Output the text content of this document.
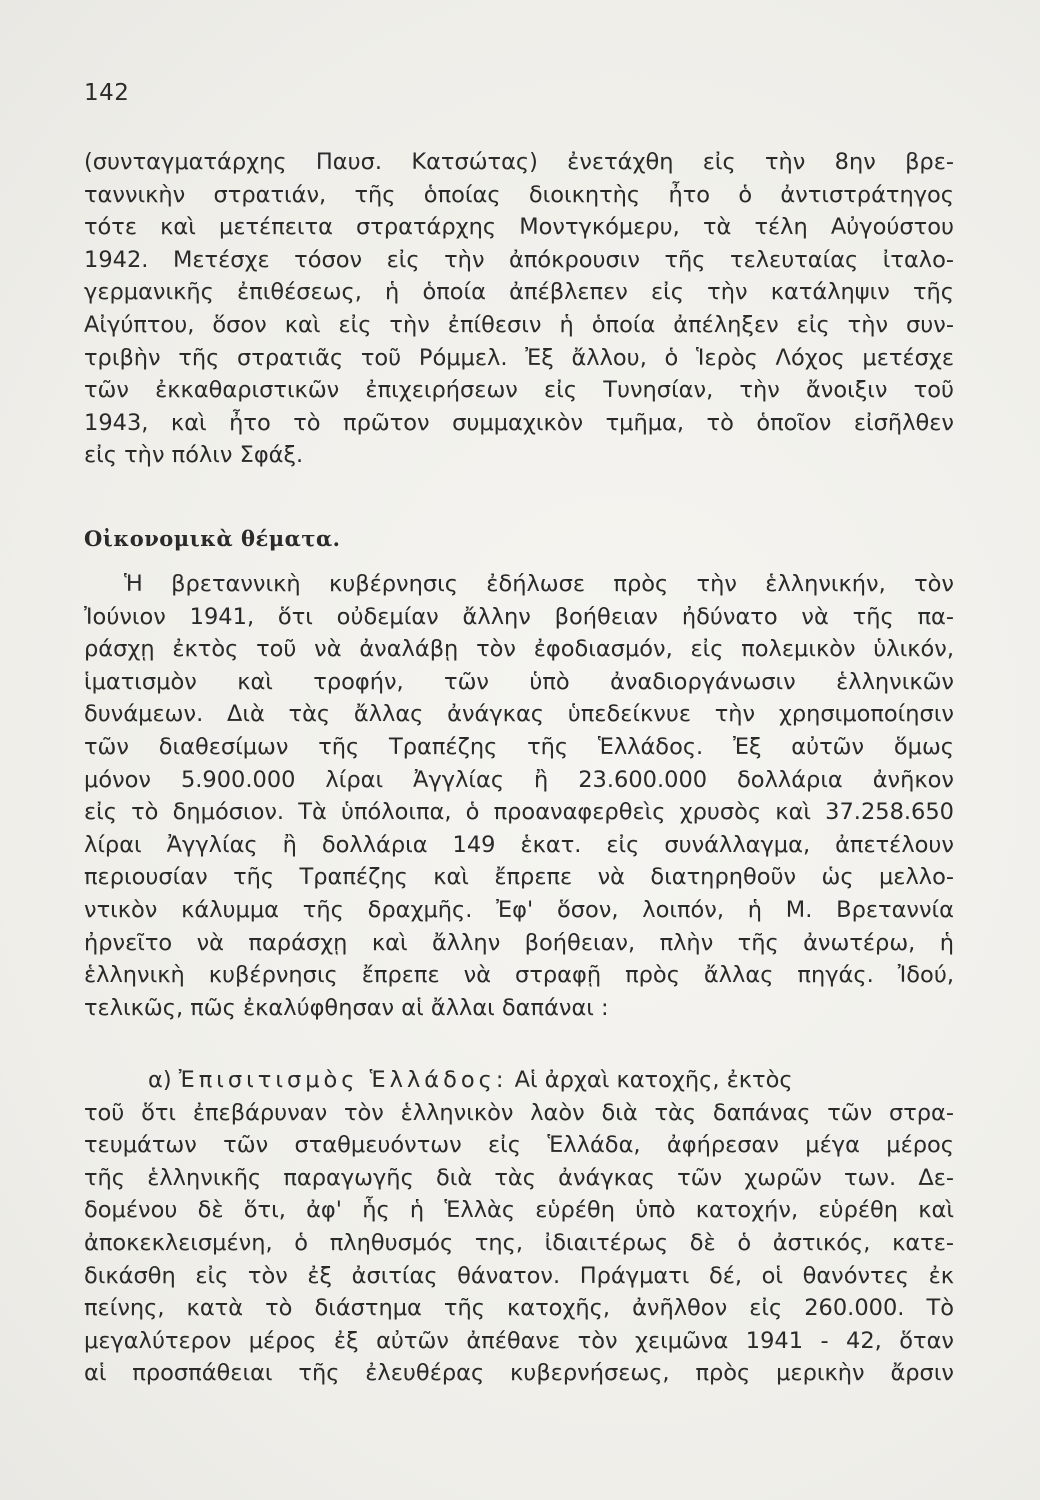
142
(συνταγματάρχης Παυσ. Κατσώτας) ἐνετάχθη εἰς τὴν 8ην βρε-
ταννικὴν στρατιάν, τῆς ὁποίας διοικητὴς ἦτο ὁ ἀντιστράτηγος
τότε καὶ μετέπειτα στρατάρχης Μοντγκόμερυ, τὰ τέλη Αὐγούστου
1942. Μετέσχε τόσον εἰς τὴν ἀπόκρουσιν τῆς τελευταίας ἰταλο-
γερμανικῆς ἐπιθέσεως, ἡ ὁποία ἀπέβλεπεν εἰς τὴν κατάληψιν τῆς
Αἰγύπτου, ὅσον καὶ εἰς τὴν ἐπίθεσιν ἡ ὁποία ἀπέληξεν εἰς τὴν συν-
τριβὴν τῆς στρατιᾶς τοῦ Ρόμμελ. Ἐξ ἄλλου, ὁ Ἱερὸς Λόχος μετέσχε
τῶν ἐκκαθαριστικῶν ἐπιχειρήσεων εἰς Τυνησίαν, τὴν ἄνοιξιν τοῦ
1943, καὶ ἦτο τὸ πρῶτον συμμαχικὸν τμῆμα, τὸ ὁποῖον εἰσῆλθεν
εἰς τὴν πόλιν Σφάξ.
Οἰκονομικὰ θέματα.
Ἡ βρεταννικὴ κυβέρνησις ἐδήλωσε πρὸς τὴν ἑλληνικήν, τὸν
Ἰούνιον 1941, ὅτι οὐδεμίαν ἄλλην βοήθειαν ἠδύνατο νὰ τῆς πα-
ράσχῃ ἐκτὸς τοῦ νὰ ἀναλάβῃ τὸν ἐφοδιασμόν, εἰς πολεμικὸν ὑλικόν,
ἱματισμὸν καὶ τροφήν, τῶν ὑπὸ ἀναδιοργάνωσιν ἑλληνικῶν
δυνάμεων. Διὰ τὰς ἄλλας ἀνάγκας ὑπεδείκνυε τὴν χρησιμοποίησιν
τῶν διαθεσίμων τῆς Τραπέζης τῆς Ἑλλάδος. Ἐξ αὐτῶν ὅμως
μόνον 5.900.000 λίραι Ἀγγλίας ἢ 23.600.000 δολλάρια ἀνῆκον
εἰς τὸ δημόσιον. Τὰ ὑπόλοιπα, ὁ προαναφερθεὶς χρυσὸς καὶ 37.258.650
λίραι Ἀγγλίας ἢ δολλάρια 149 ἑκατ. εἰς συνάλλαγμα, ἀπετέλουν
περιουσίαν τῆς Τραπέζης καὶ ἔπρεπε νὰ διατηρηθοῦν ὡς μελλο-
ντικὸν κάλυμμα τῆς δραχμῆς. Ἐφ' ὅσον, λοιπόν, ἡ Μ. Βρεταννία
ἠρνεῖτο νὰ παράσχῃ καὶ ἄλλην βοήθειαν, πλὴν τῆς ἀνωτέρω, ἡ
ἑλληνικὴ κυβέρνησις ἔπρεπε νὰ στραφῇ πρὸς ἄλλας πηγάς. Ἰδού,
τελικῶς, πῶς ἐκαλύφθησαν αἱ ἄλλαι δαπάναι :
α) Ἐπισιτισμὸς Ἑλλάδος: Αἱ ἀρχαὶ κατοχῆς, ἐκτὸς
τοῦ ὅτι ἐπεβάρυναν τὸν ἑλληνικὸν λαὸν διὰ τὰς δαπάνας τῶν στρα-
τευμάτων τῶν σταθμευόντων εἰς Ἑλλάδα, ἀφήρεσαν μέγα μέρος
τῆς ἑλληνικῆς παραγωγῆς διὰ τὰς ἀνάγκας τῶν χωρῶν των. Δε-
δομένου δὲ ὅτι, ἀφ' ἧς ἡ Ἑλλὰς εὑρέθη ὑπὸ κατοχήν, εὑρέθη καὶ
ἀποκεκλεισμένη, ὁ πληθυσμός της, ἰδιαιτέρως δὲ ὁ ἀστικός, κατε-
δικάσθη εἰς τὸν ἐξ ἀσιτίας θάνατον. Πράγματι δέ, οἱ θανόντες ἐκ
πείνης, κατὰ τὸ διάστημα τῆς κατοχῆς, ἀνῆλθον εἰς 260.000. Τὸ
μεγαλύτερον μέρος ἐξ αὐτῶν ἀπέθανε τὸν χειμῶνα 1941 - 42, ὅταν
αἱ προσπάθειαι τῆς ἐλευθέρας κυβερνήσεως, πρὸς μερικὴν ἄρσιν
